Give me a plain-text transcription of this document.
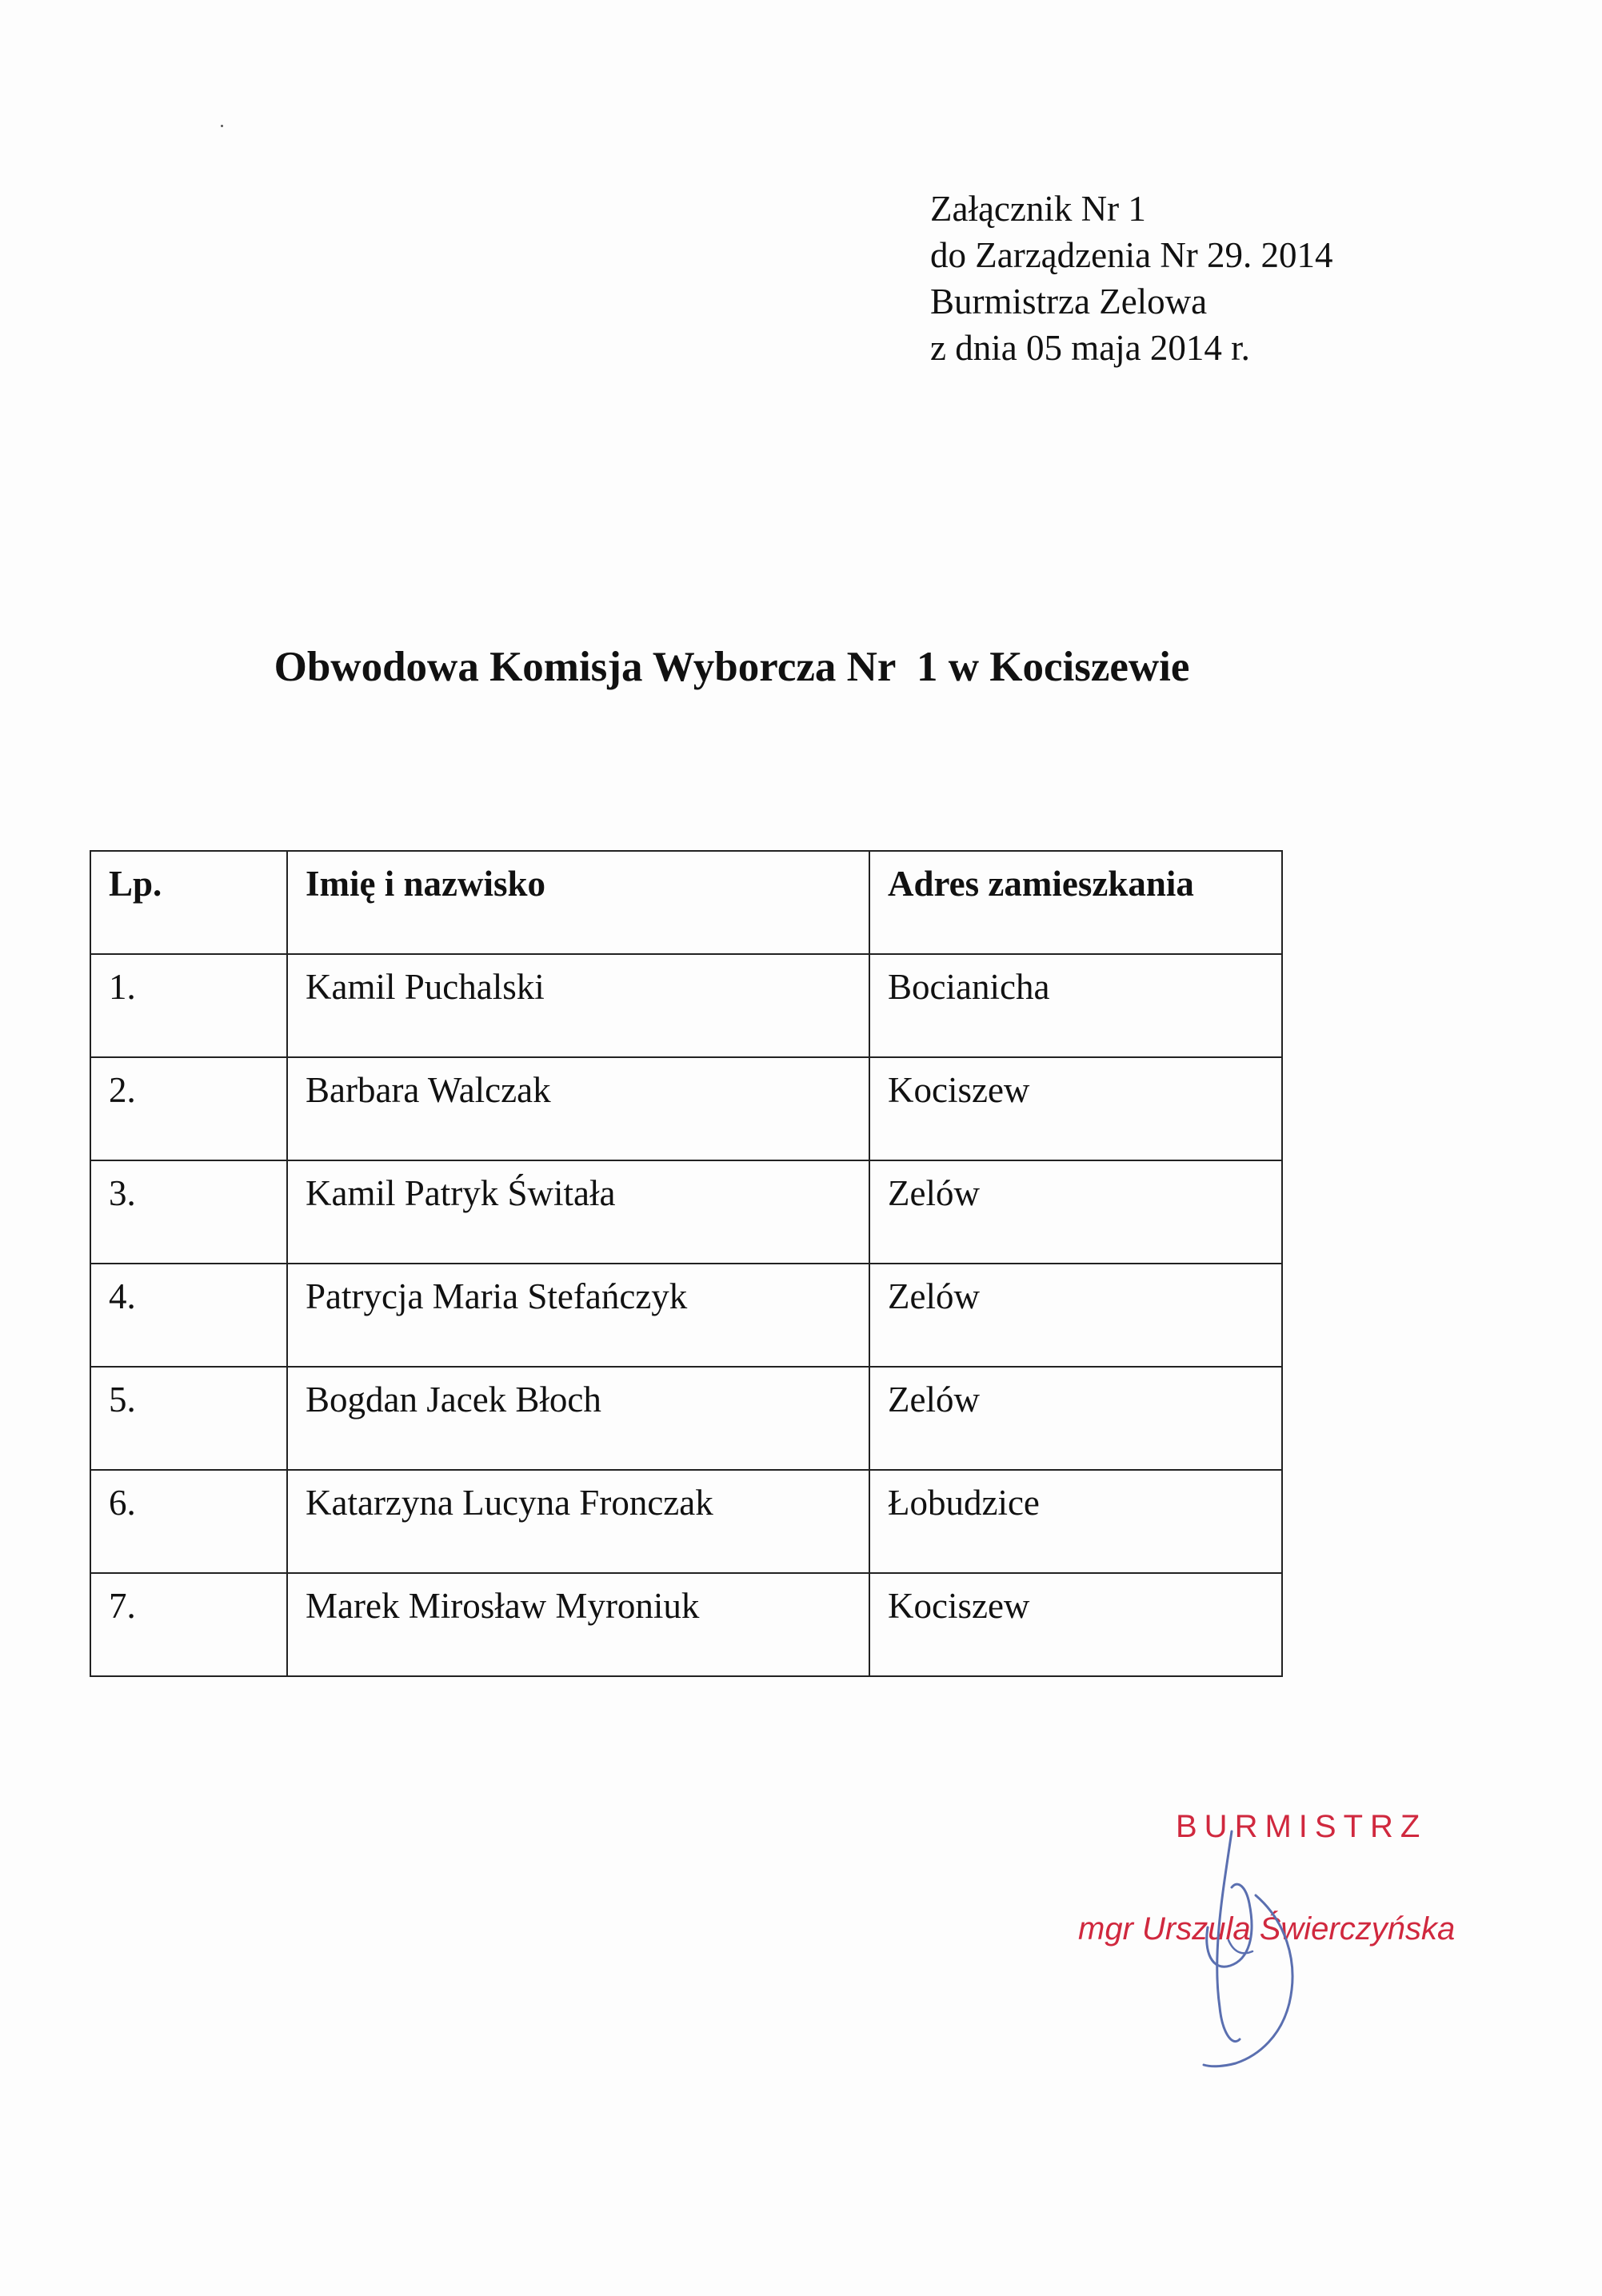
Załącznik Nr 1
do Zarządzenia Nr 29. 2014
Burmistrza Zelowa
z dnia 05 maja 2014 r.
Obwodowa Komisja Wyborcza Nr  1 w Kociszewie
Lp.	Imię i nazwisko	Adres zamieszkania
1.	Kamil Puchalski	Bocianicha
2.	Barbara Walczak	Kociszew
3.	Kamil Patryk Świtała	Zelów
4.	Patrycja Maria Stefańczyk	Zelów
5.	Bogdan Jacek Błoch	Zelów
6.	Katarzyna Lucyna Fronczak	Łobudzice
7.	Marek Mirosław Myroniuk	Kociszew
BURMISTRZ
mgr Urszula Świerczyńska
